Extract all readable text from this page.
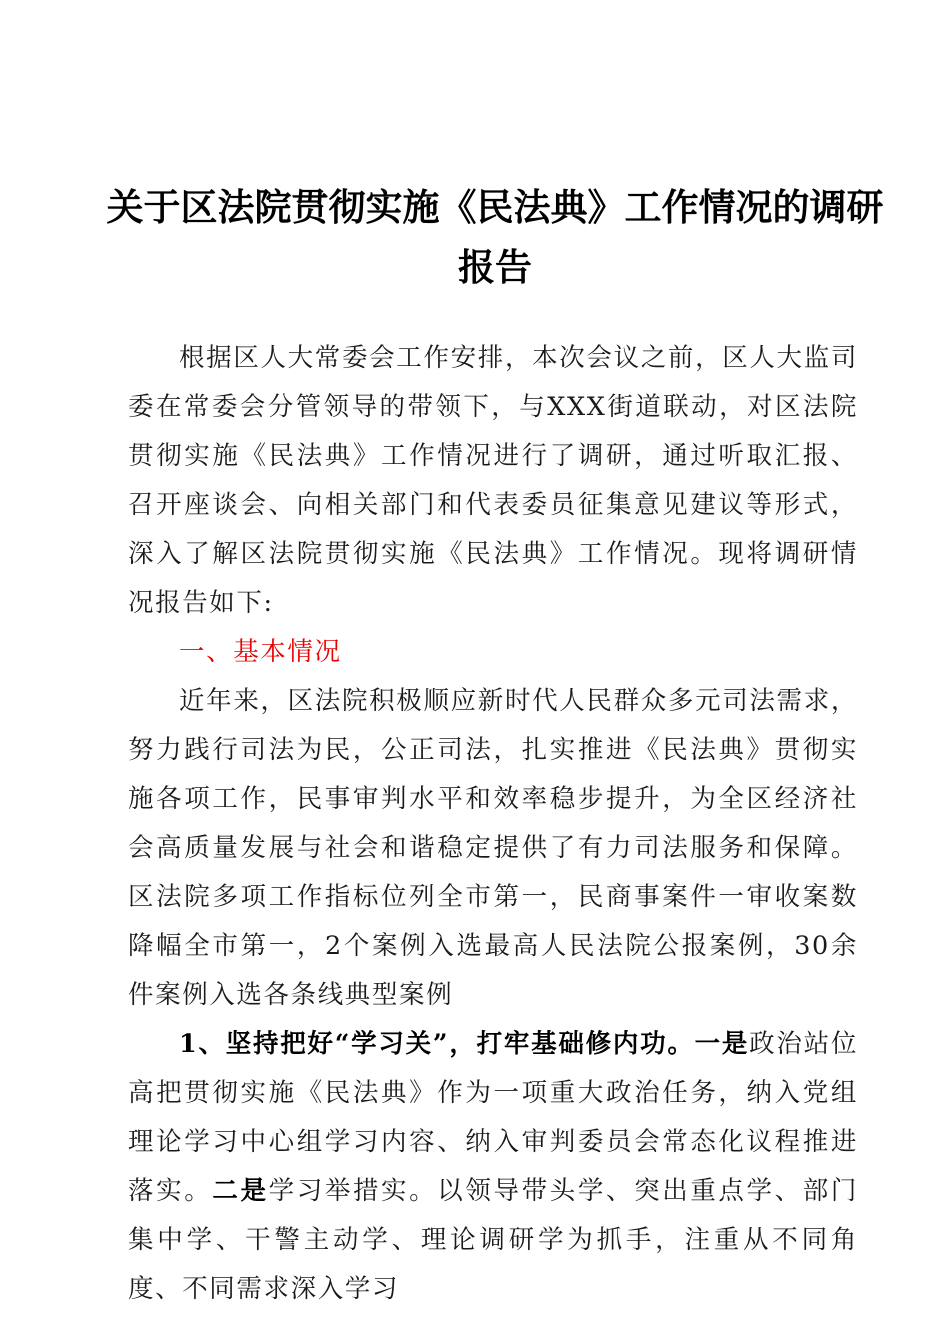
关于区法院贯彻实施《民法典》工作情况的调研
报告

根据区人大常委会工作安排，本次会议之前，区人大监司委在常委会分管领导的带领下，与XXX街道联动，对区法院贯彻实施《民法典》工作情况进行了调研，通过听取汇报、召开座谈会、向相关部门和代表委员征集意见建议等形式，深入了解区法院贯彻实施《民法典》工作情况。现将调研情况报告如下:

一、基本情况

近年来，区法院积极顺应新时代人民群众多元司法需求，努力践行司法为民，公正司法，扎实推进《民法典》贯彻实施各项工作，民事审判水平和效率稳步提升，为全区经济社会高质量发展与社会和谐稳定提供了有力司法服务和保障。区法院多项工作指标位列全市第一，民商事案件一审收案数降幅全市第一，2个案例入选最高人民法院公报案例，30余件案例入选各条线典型案例

1、坚持把好“学习关”，打牢基础修内功。一是政治站位高把贯彻实施《民法典》作为一项重大政治任务，纳入党组理论学习中心组学习内容、纳入审判委员会常态化议程推进落实。二是学习举措实。以领导带头学、突出重点学、部门集中学、干警主动学、理论调研学为抓手，注重从不同角度、不同需求深入学习
